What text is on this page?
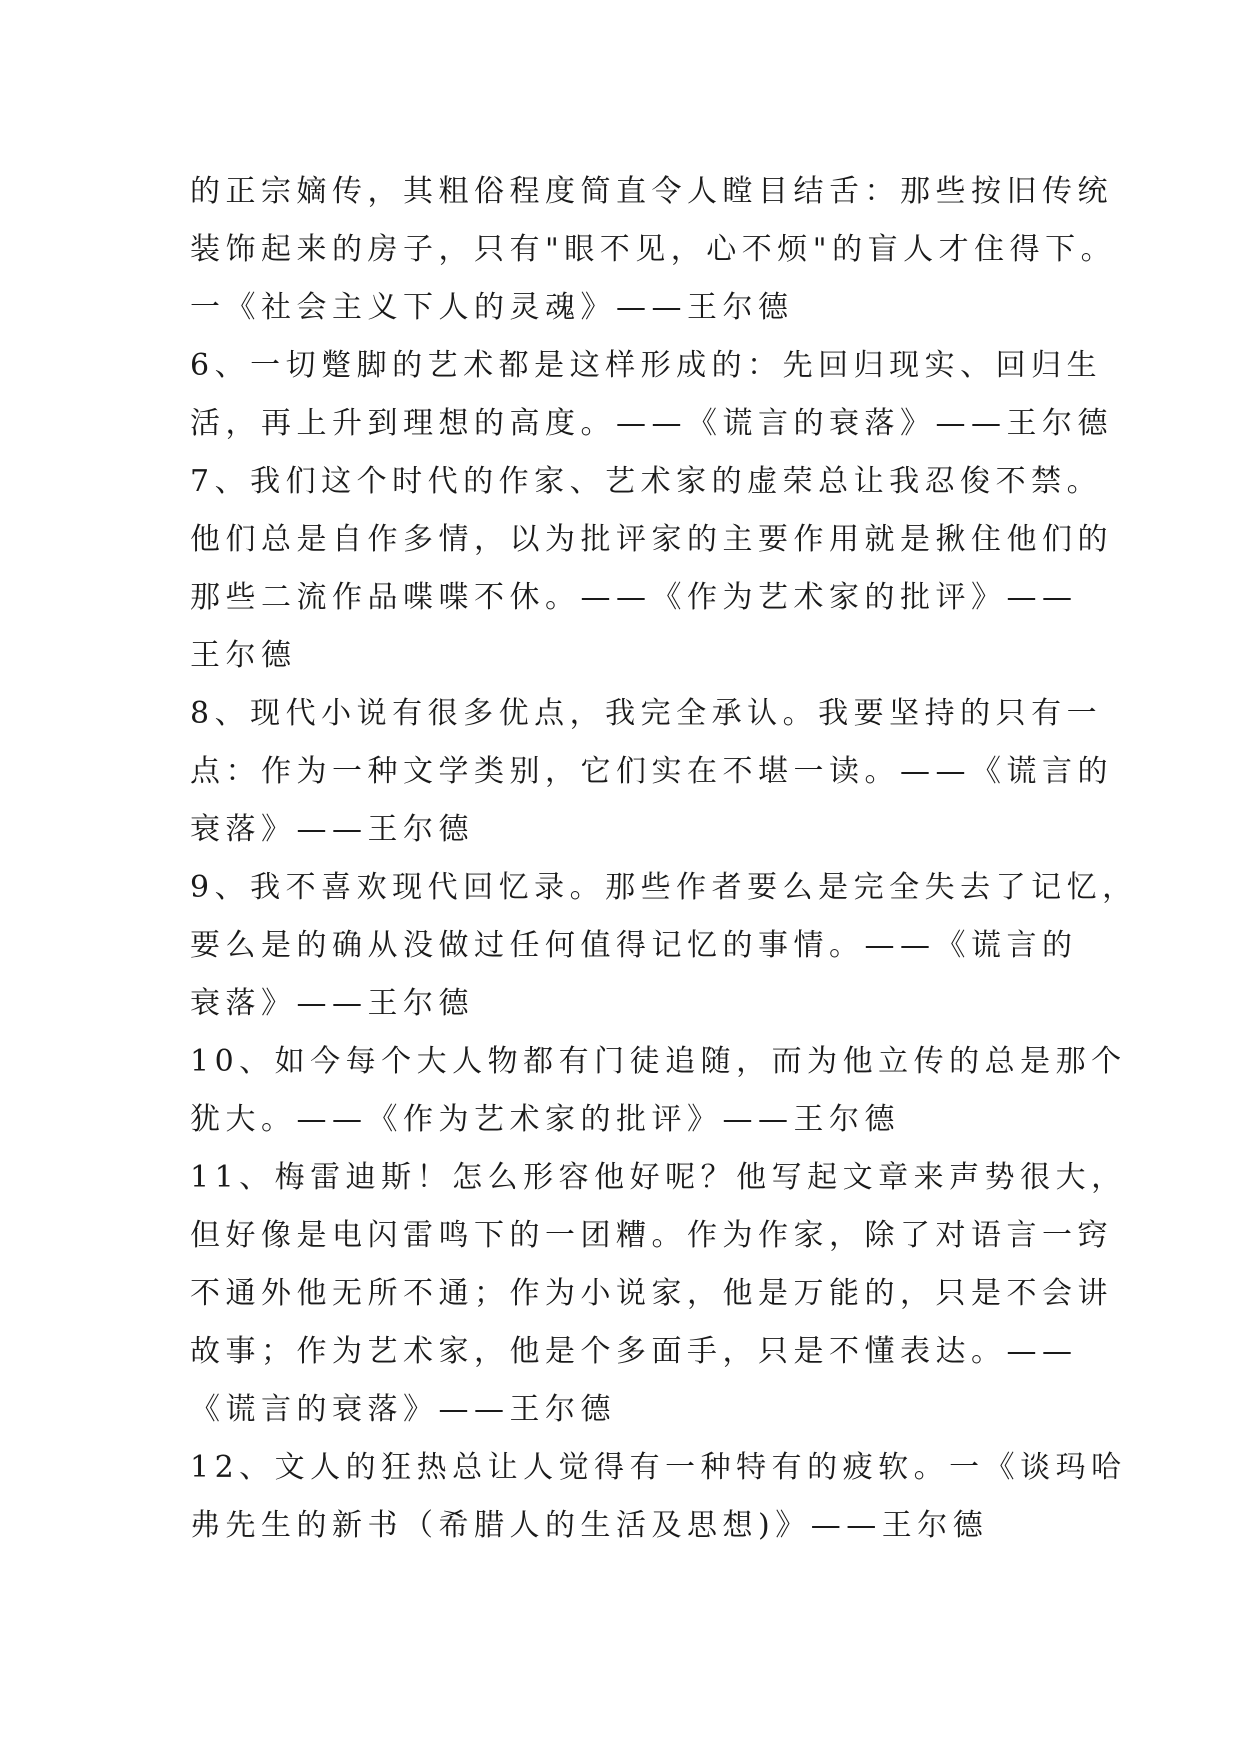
的正宗嫡传，其粗俗程度简直令人瞠目结舌：那些按旧传统
装饰起来的房子，只有"眼不见，心不烦"的盲人才住得下。
一《社会主义下人的灵魂》——王尔德
6、一切蹩脚的艺术都是这样形成的：先回归现实、回归生
活，再上升到理想的高度。——《谎言的衰落》——王尔德
7、我们这个时代的作家、艺术家的虚荣总让我忍俊不禁。
他们总是自作多情，以为批评家的主要作用就是揪住他们的
那些二流作品喋喋不休。——《作为艺术家的批评》——
王尔德
8、现代小说有很多优点，我完全承认。我要坚持的只有一
点：作为一种文学类别，它们实在不堪一读。——《谎言的
衰落》——王尔德
9、我不喜欢现代回忆录。那些作者要么是完全失去了记忆，
要么是的确从没做过任何值得记忆的事情。——《谎言的
衰落》——王尔德
10、如今每个大人物都有门徒追随，而为他立传的总是那个
犹大。——《作为艺术家的批评》——王尔德
11、梅雷迪斯！怎么形容他好呢？他写起文章来声势很大，
但好像是电闪雷鸣下的一团糟。作为作家，除了对语言一窍
不通外他无所不通；作为小说家，他是万能的，只是不会讲
故事；作为艺术家，他是个多面手，只是不懂表达。——
《谎言的衰落》——王尔德
12、文人的狂热总让人觉得有一种特有的疲软。一《谈玛哈
弗先生的新书（希腊人的生活及思想)》——王尔德
